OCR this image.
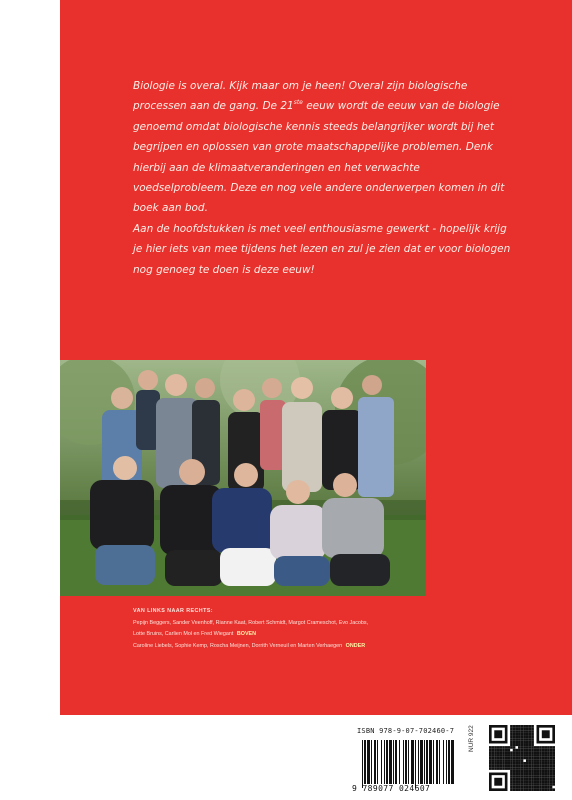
Biologie is overal. Kijk maar om je heen! Overal zijn biologische processen aan de gang. De 21ste eeuw wordt de eeuw van de biologie genoemd omdat biologische kennis steeds belangrijker wordt bij het begrijpen en oplossen van grote maatschappelijke problemen. Denk hierbij aan de klimaatveranderingen en het verwachte voedselprobleem. Deze en nog vele andere onderwerpen komen in dit boek aan bod.

Aan de hoofdstukken is met veel enthousiasme gewerkt - hopelijk krijg je hier iets van mee tijdens het lezen en zul je zien dat er voor biologen nog genoeg te doen is deze eeuw!

VAN LINKS NAAR RECHTS:
Pepijn Beggers, Sander Veenhoff, Rianne Kaat, Robert Schmidt, Margot Crameschot, Evo Jacobs,
Lotte Bruins, Carlien Mol en Fred Wiegant BOVEN
Caroline Liebels, Sophie Kemp, Roscha Meijnen, Dorrith Verneuil en Marten Verhaegen ONDER
ISBN 978-9-07-702460-7
9 789077 024607
NUR 922
